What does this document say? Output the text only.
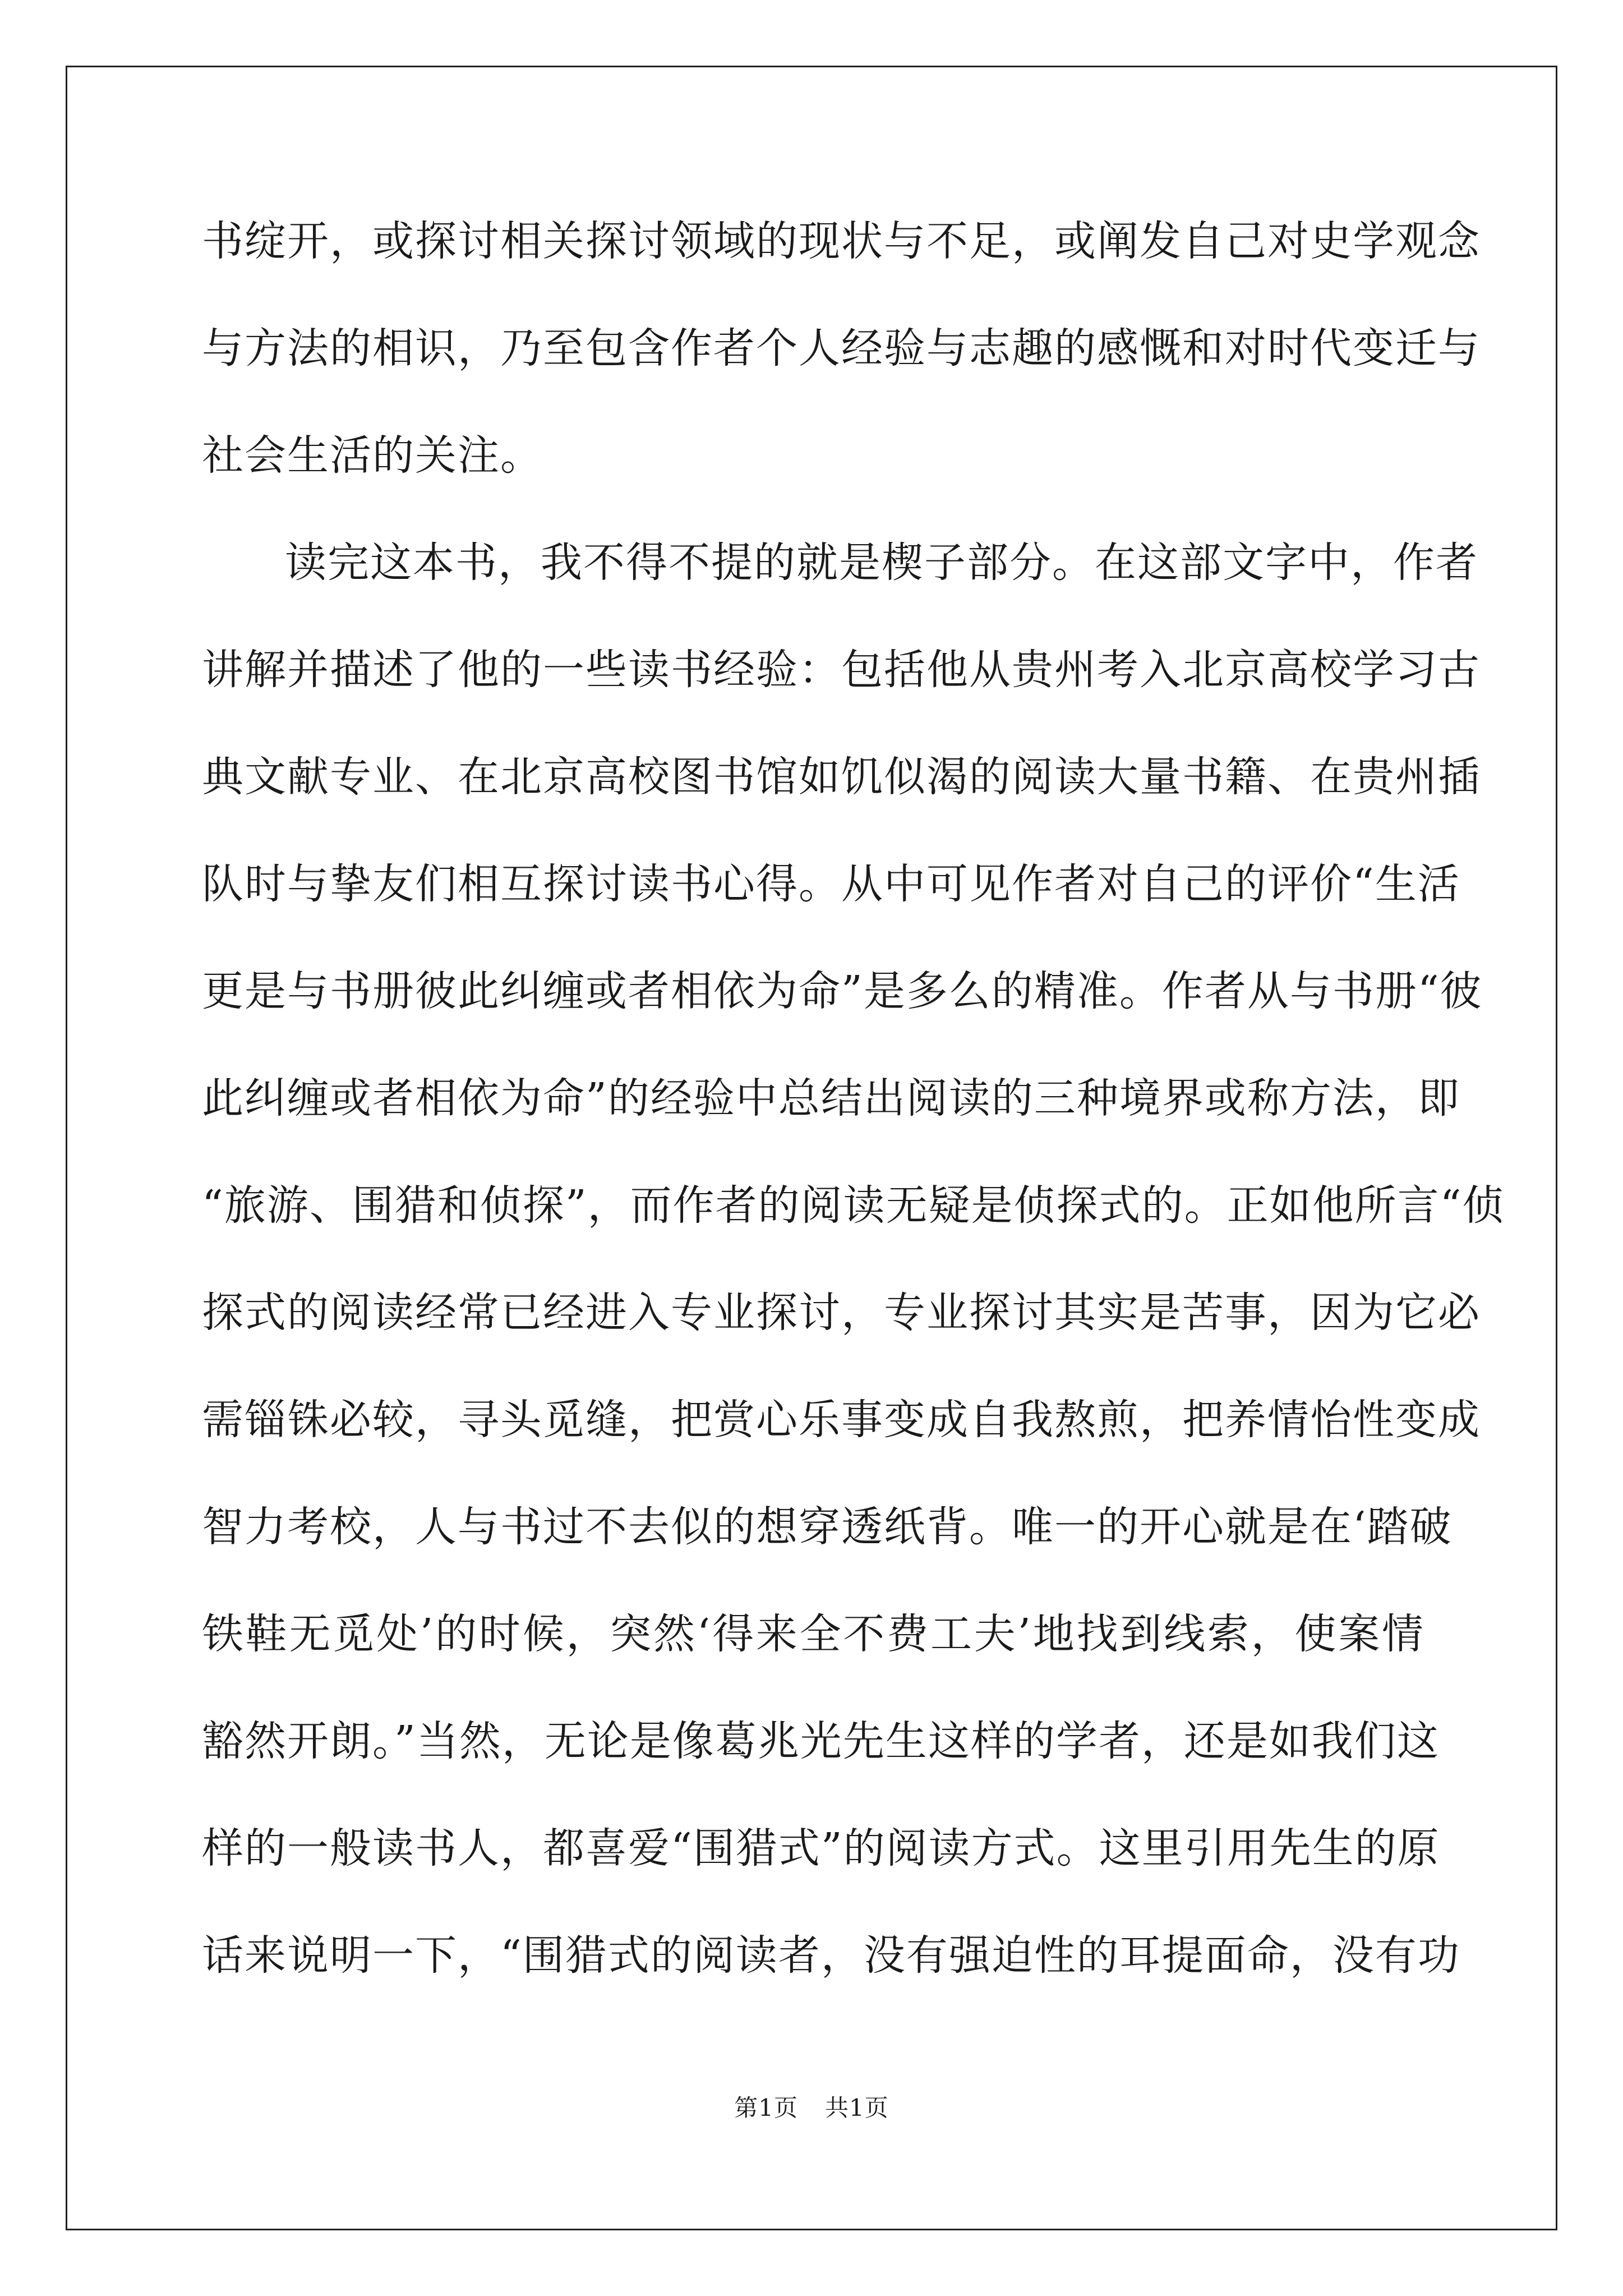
书绽开，或探讨相关探讨领域的现状与不足，或阐发自己对史学观念
与方法的相识，乃至包含作者个人经验与志趣的感慨和对时代变迁与
社会生活的关注。
读完这本书，我不得不提的就是楔子部分。在这部文字中，作者
讲解并描述了他的一些读书经验：包括他从贵州考入北京高校学习古
典文献专业、在北京高校图书馆如饥似渴的阅读大量书籍、在贵州插
队时与挚友们相互探讨读书心得。从中可见作者对自己的评价“生活
更是与书册彼此纠缠或者相依为命”是多么的精准。作者从与书册“彼
此纠缠或者相依为命”的经验中总结出阅读的三种境界或称方法，即
“旅游、围猎和侦探”，而作者的阅读无疑是侦探式的。正如他所言“侦
探式的阅读经常已经进入专业探讨，专业探讨其实是苦事，因为它必
需锱铢必较，寻头觅缝，把赏心乐事变成自我熬煎，把养情怡性变成
智力考校，人与书过不去似的想穿透纸背。唯一的开心就是在‘踏破
铁鞋无觅处’的时候，突然‘得来全不费工夫’地找到线索，使案情
豁然开朗。”当然，无论是像葛兆光先生这样的学者，还是如我们这
样的一般读书人，都喜爱“围猎式”的阅读方式。这里引用先生的原
话来说明一下，“围猎式的阅读者，没有强迫性的耳提面命，没有功
第1页 共1页
